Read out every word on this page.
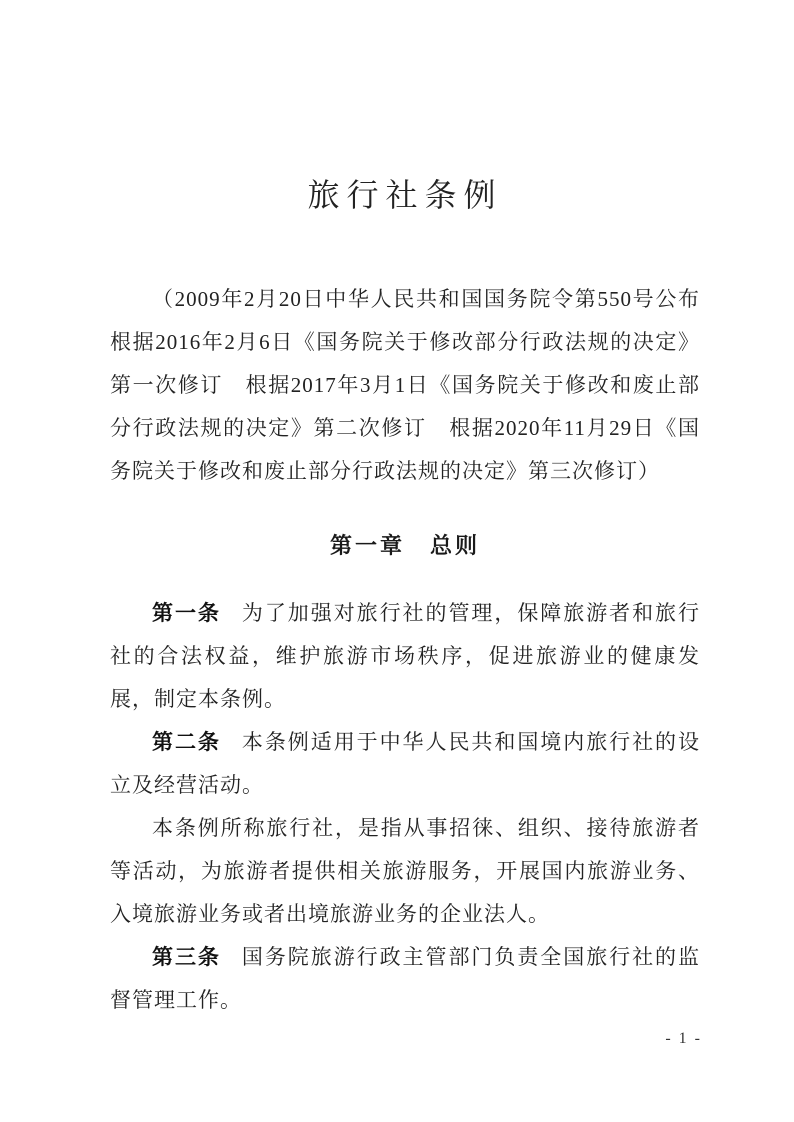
旅行社条例

（2009年2月20日中华人民共和国国务院令第550号公布　根据2016年2月6日《国务院关于修改部分行政法规的决定》第一次修订　根据2017年3月1日《国务院关于修改和废止部分行政法规的决定》第二次修订　根据2020年11月29日《国务院关于修改和废止部分行政法规的决定》第三次修订）

第一章　总则

第一条 为了加强对旅行社的管理，保障旅游者和旅行社的合法权益，维护旅游市场秩序，促进旅游业的健康发展，制定本条例。

第二条 本条例适用于中华人民共和国境内旅行社的设立及经营活动。

本条例所称旅行社，是指从事招徕、组织、接待旅游者等活动，为旅游者提供相关旅游服务，开展国内旅游业务、入境旅游业务或者出境旅游业务的企业法人。

第三条 国务院旅游行政主管部门负责全国旅行社的监督管理工作。

- 1 -
